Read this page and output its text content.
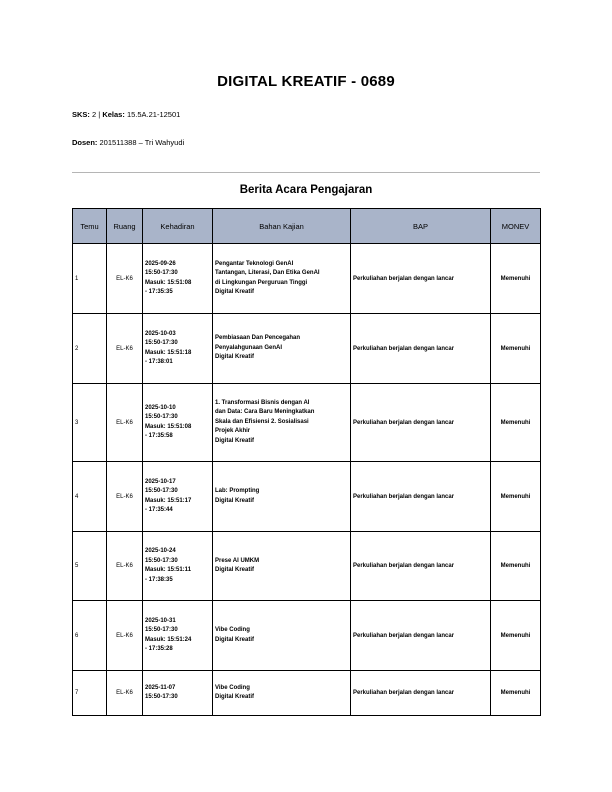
DIGITAL KREATIF - 0689
SKS: 2 | Kelas: 15.5A.21-12501
Dosen: 201511388 – Tri Wahyudi
Berita Acara Pengajaran
Temu	Ruang	Kehadiran	Bahan Kajian	BAP	MONEV
1	EL-K6	2025-09-26
15:50-17:30
Masuk: 15:51:08
- 17:35:35	Pengantar Teknologi GenAI
Tantangan, Literasi, Dan Etika GenAI
di Lingkungan Perguruan Tinggi
Digital Kreatif	Perkuliahan berjalan dengan lancar	Memenuhi
2	EL-K6	2025-10-03
15:50-17:30
Masuk: 15:51:18
- 17:38:01	Pembiasaan Dan Pencegahan
Penyalahgunaan GenAI
Digital Kreatif	Perkuliahan berjalan dengan lancar	Memenuhi
3	EL-K6	2025-10-10
15:50-17:30
Masuk: 15:51:08
- 17:35:58	1. Transformasi Bisnis dengan AI
dan Data: Cara Baru Meningkatkan
Skala dan Efisiensi 2. Sosialisasi
Projek Akhir
Digital Kreatif	Perkuliahan berjalan dengan lancar	Memenuhi
4	EL-K6	2025-10-17
15:50-17:30
Masuk: 15:51:17
- 17:35:44	Lab: Prompting
Digital Kreatif	Perkuliahan berjalan dengan lancar	Memenuhi
5	EL-K6	2025-10-24
15:50-17:30
Masuk: 15:51:11
- 17:38:35	Prese AI UMKM
Digital Kreatif	Perkuliahan berjalan dengan lancar	Memenuhi
6	EL-K6	2025-10-31
15:50-17:30
Masuk: 15:51:24
- 17:35:28	Vibe Coding
Digital Kreatif	Perkuliahan berjalan dengan lancar	Memenuhi
7	EL-K6	2025-11-07
15:50-17:30	Vibe Coding
Digital Kreatif	Perkuliahan berjalan dengan lancar	Memenuhi
